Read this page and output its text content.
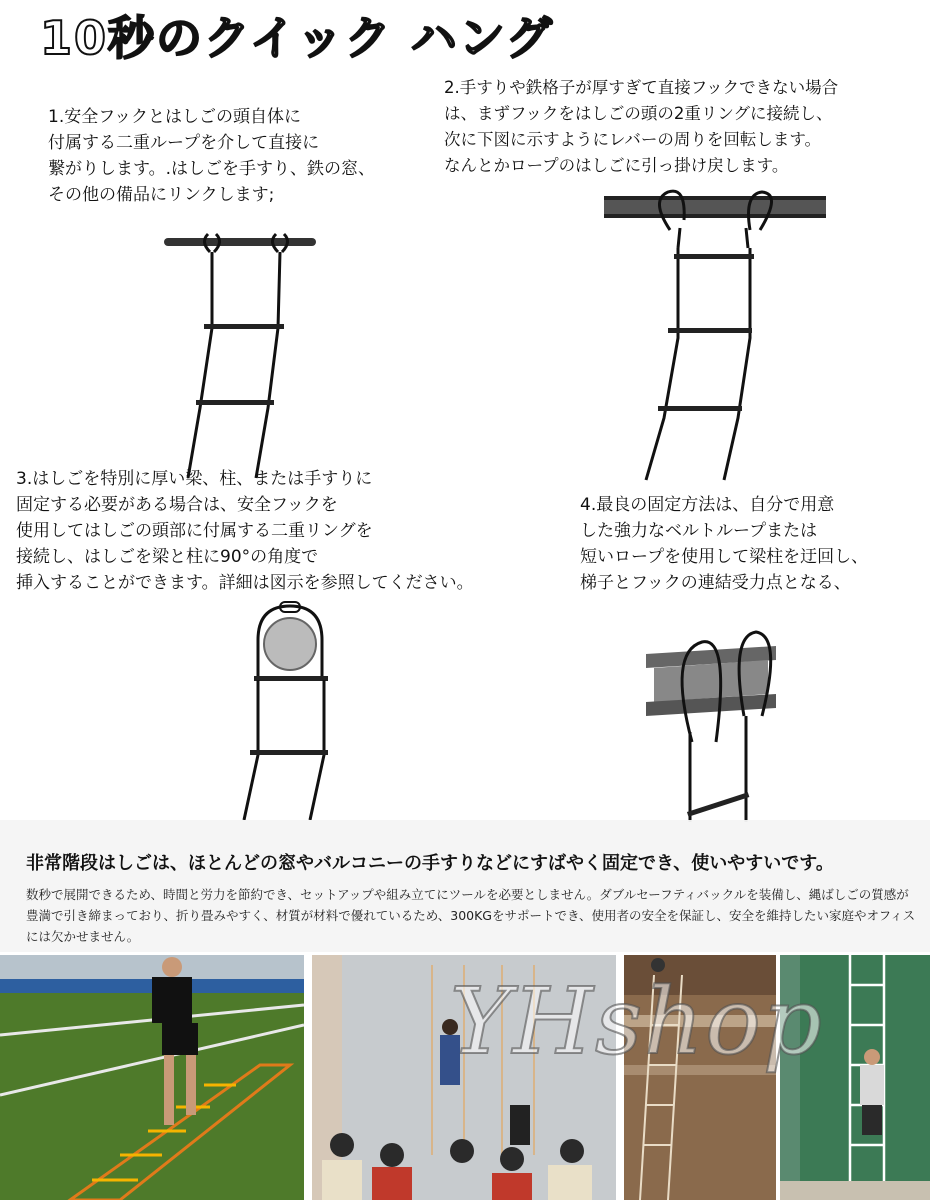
10秒のクイック ハング

1.安全フックとはしごの頭自体に

付属する二重ループを介して直接に

繋がりします。.はしごを手すり、鉄の窓、

その他の備品にリンクします;

2.手すりや鉄格子が厚すぎて直接フックできない場合

は、まずフックをはしごの頭の2重リングに接続し、

次に下図に示すようにレバーの周りを回転します。

なんとかロープのはしごに引っ掛け戻します。

3.はしごを特別に厚い梁、柱、または手すりに

固定する必要がある場合は、安全フックを

使用してはしごの頭部に付属する二重リングを

接続し、はしごを梁と柱に90°の角度で

挿入することができます。詳細は図示を参照してください。

4.最良の固定方法は、自分で用意

した強力なベルトループまたは

短いロープを使用して梁柱を迂回し、

梯子とフックの連結受力点となる、

非常階段はしごは、ほとんどの窓やバルコニーの手すりなどにすばやく固定でき、使いやすいです。
数秒で展開できるため、時間と労力を節約でき、セットアップや組み立てにツールを必要としません。ダブルセーフティバックルを装備し、縄ばしごの質感が豊満で引き締まっており、折り畳みやすく、材質が材料で優れているため、300KGをサポートでき、使用者の安全を保証し、安全を維持したい家庭やオフィスには欠かせません。
YHshop
